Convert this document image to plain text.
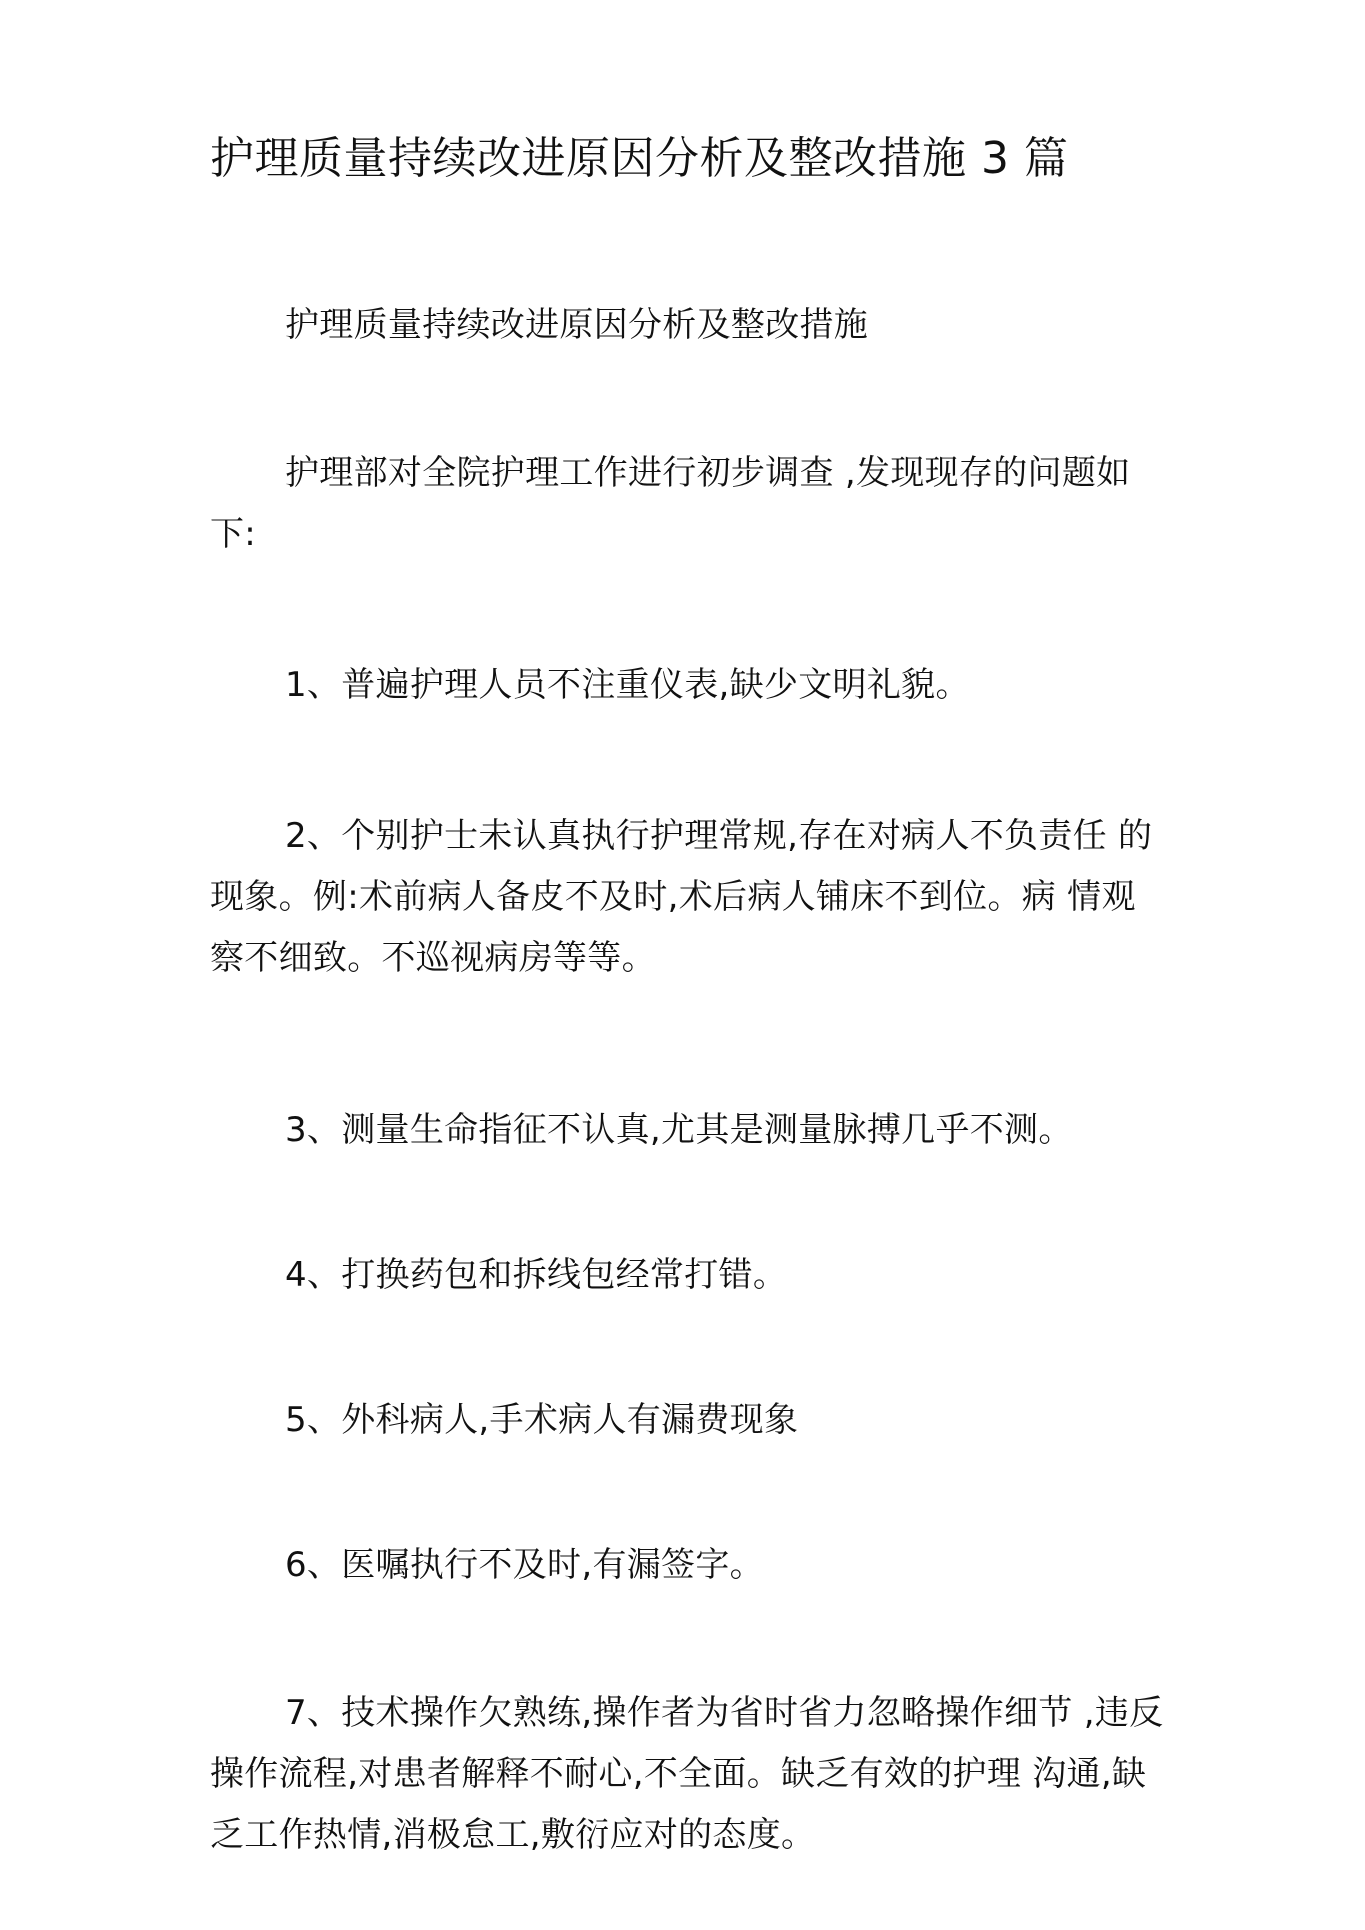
护理质量持续改进原因分析及整改措施 3 篇

护理质量持续改进原因分析及整改措施

护理部对全院护理工作进行初步调查 ,发现现存的问题如下:

1、普遍护理人员不注重仪表,缺少文明礼貌。

2、个别护士未认真执行护理常规,存在对病人不负责任 的现象。例:术前病人备皮不及时,术后病人铺床不到位。病 情观察不细致。不巡视病房等等。

3、测量生命指征不认真,尤其是测量脉搏几乎不测。

4、打换药包和拆线包经常打错。

5、外科病人,手术病人有漏费现象

6、医嘱执行不及时,有漏签字。

7、技术操作欠熟练,操作者为省时省力忽略操作细节 ,违反操作流程,对患者解释不耐心,不全面。缺乏有效的护理 沟通,缺乏工作热情,消极怠工,敷衍应对的态度。
